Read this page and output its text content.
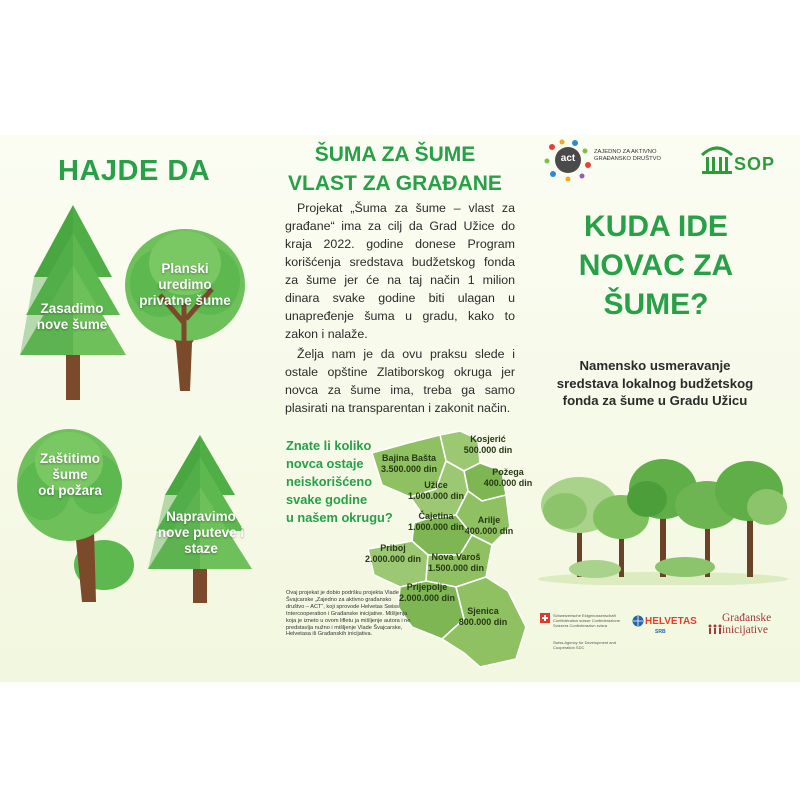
HAJDE DA
Zasadimo
nove šume
Planski
uredimo
privatne šume
Zaštitimo
šume
od požara
Napravimo
nove puteve i
staze
ŠUMA ZA ŠUME
VLAST ZA GRAĐANE
Projekat „Šuma za šume – vlast za građane“ ima za cilj da Grad Užice do kraja 2022. godine donese Program korišćenja sredstava budžetskog fonda za šume jer će na taj način 1 milion dinara svake godine biti ulagan u unapređenje šuma u gradu, kako to zakon i nalaže.
Želja nam je da ovu praksu slede i ostale opštine Zlatiborskog okruga jer novca za šume ima, treba ga samo plasirati na transparentan i zakonit način.
Znate li koliko
novca ostaje
neiskorišćeno
svake godine
u našem okrugu?
Kosjerić
500.000 din
Bajina Bašta
3.500.000 din	Požega
400.000 din
Užice
1.000.000 din
Čajetina
1.000.000 din
Arilje
400.000 din
Priboj
2.000.000 din	Nova Varoš
1.500.000 din
Prijepolje
2.000.000 din
Sjenica
800.000 din
Ovaj projekat je dobio podršku projekta Vlade Švajcarske „Zajedno za aktivno građansko društvo – ACT“, koji sprovode Helvetas Swiss Intercooperation i Građanske inicijative. Mišljenja koja je izneto u ovom lifletu ja mišljenje autora i ne predstavlja nužno i mišljenje Vlade Švajcarske, Helvetasa ili Građanskih inicijativa.
act
ZAJEDNO ZA AKTIVNO GRAĐANSKO DRUŠTVO	SOP
KUDA IDE
NOVAC ZA
ŠUME?
Namensko usmeravanje
sredstava lokalnog budžetskog
fonda za šume u Gradu Užicu
Schweizerische Eidgenossenschaft Confédération suisse Confederazione Svizzera Confederaziun svizra
Swiss Agency for Development and Cooperation SDC
HELVETAS
SRB
Građanske
inicijative
